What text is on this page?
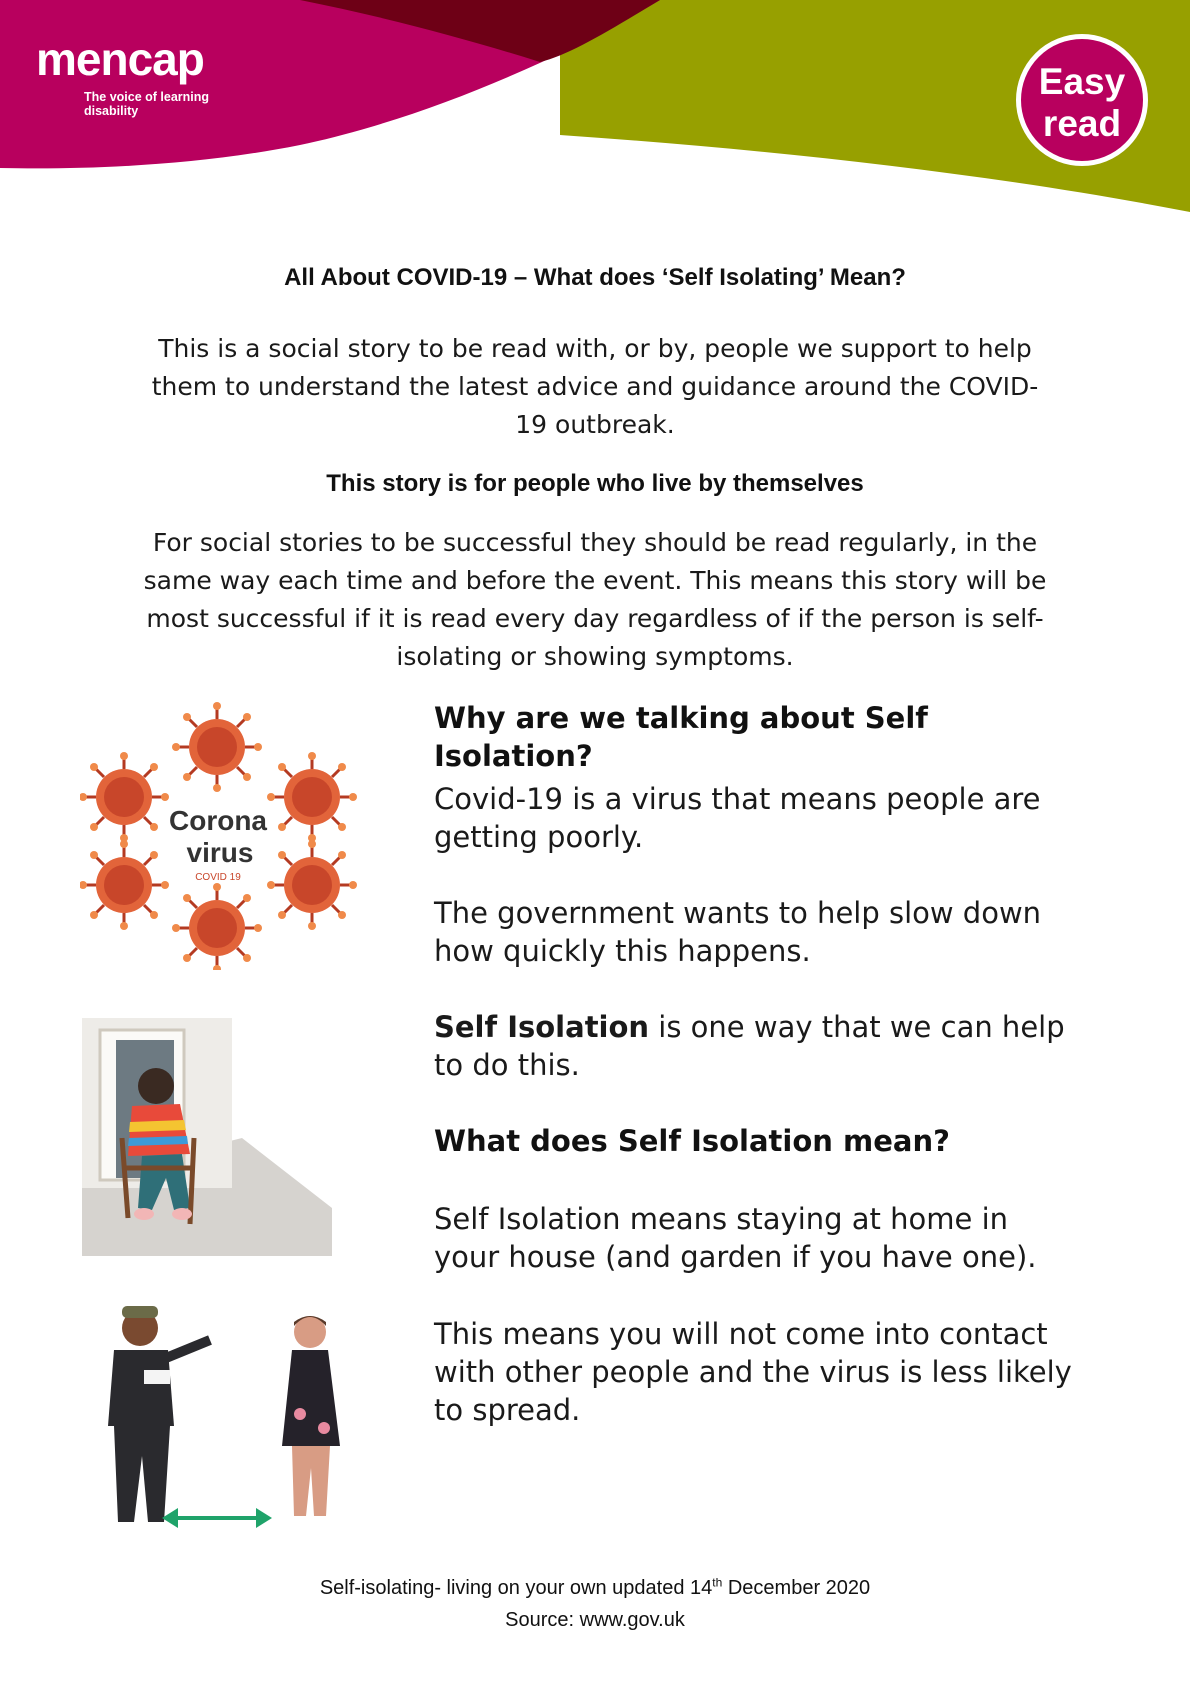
mencap
The voice of learning disability
Easy
read
All About COVID-19 – What does ‘Self Isolating’ Mean?

This is a social story to be read with, or by, people we support to help them to understand the latest advice and guidance around the COVID-19 outbreak.

This story is for people who live by themselves

For social stories to be successful they should be read regularly, in the same way each time and before the event. This means this story will be most successful if it is read every day regardless of if the person is self-isolating or showing symptoms.

Why are we talking about Self Isolation?

Covid-19 is a virus that means people are getting poorly.

The government wants to help slow down how quickly this happens.

Self Isolation is one way that we can help to do this.

What does Self Isolation mean?

Self Isolation means staying at home in your house (and garden if you have one).

This means you will not come into contact with other people and the virus is less likely to spread.

Corona
virus
COVID 19
Self-isolating- living on your own updated 14th December 2020
Source: www.gov.uk
